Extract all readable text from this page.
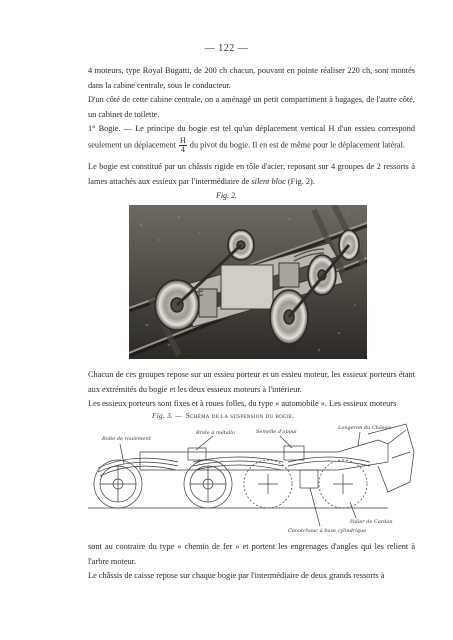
— 122 —

4 moteurs, type Royal Bugatti, de 200 ch chacun, pouvant en pointe réaliser 220 ch, sont montés dans la cabine centrale, sous le conducteur.

D'un côté de cette cabine centrale, on a aménagé un petit compartiment à bagages, de l'autre côté, un cabinet de toilette.

1° Bogie. — Le principe du bogie est tel qu'un déplacement vertical H d'un essieu correspond seulement un déplacement $\frac{H}{4}$ du pivot du bogie. Il en est de même pour le déplacement latéral.

Le bogie est constitué par un châssis rigide en tôle d'acier, reposant sur 4 groupes de 2 ressorts à lames attachés aux essieux par l'intermédiaire de silent bloc (Fig. 2).

Fig. 2.

Chacun de ces groupes repose sur un essieu porteur et un essieu moteur, les essieux porteurs étant aux extrémités du bogie et les deux essieux moteurs à l'intérieur.

Les essieux porteurs sont fixes et à roues folles, du type « automobile ». Les essieux moteurs

Fig. 3. — Schéma de la suspension du bogie.
Boîte de roulement
Bride à métallo	Semelle d'appui
Longeron du Châssis
Palier de Cardan
Caoutchouc à base cylindrique

sont au contraire du type « chemin de fer » et portent les engrenages d'angles qui les relient à l'arbre moteur.

Le châssis de caisse repose sur chaque bogie par l'intermédiaire de deux grands ressorts à
